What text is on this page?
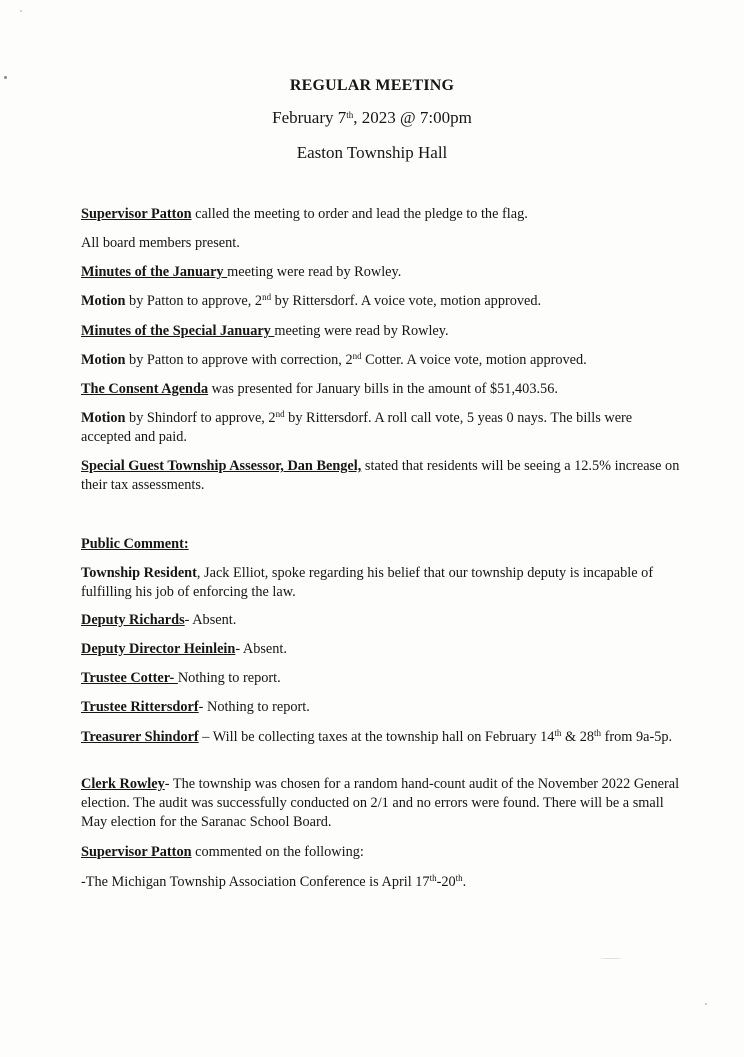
REGULAR MEETING
February 7th, 2023 @ 7:00pm
Easton Township Hall

Supervisor Patton called the meeting to order and lead the pledge to the flag.

All board members present.

Minutes of the January meeting were read by Rowley.

Motion by Patton to approve, 2nd by Rittersdorf. A voice vote, motion approved.

Minutes of the Special January meeting were read by Rowley.

Motion by Patton to approve with correction, 2nd Cotter. A voice vote, motion approved.

The Consent Agenda was presented for January bills in the amount of $51,403.56.

Motion by Shindorf to approve, 2nd by Rittersdorf. A roll call vote, 5 yeas 0 nays. The bills were accepted and paid.

Special Guest Township Assessor, Dan Bengel, stated that residents will be seeing a 12.5% increase on their tax assessments.

Public Comment:

Township Resident, Jack Elliot, spoke regarding his belief that our township deputy is incapable of fulfilling his job of enforcing the law.

Deputy Richards- Absent.

Deputy Director Heinlein- Absent.

Trustee Cotter- Nothing to report.

Trustee Rittersdorf- Nothing to report.

Treasurer Shindorf – Will be collecting taxes at the township hall on February 14th & 28th from 9a-5p.

Clerk Rowley- The township was chosen for a random hand-count audit of the November 2022 General election. The audit was successfully conducted on 2/1 and no errors were found. There will be a small May election for the Saranac School Board.

Supervisor Patton commented on the following:

-The Michigan Township Association Conference is April 17th-20th.
